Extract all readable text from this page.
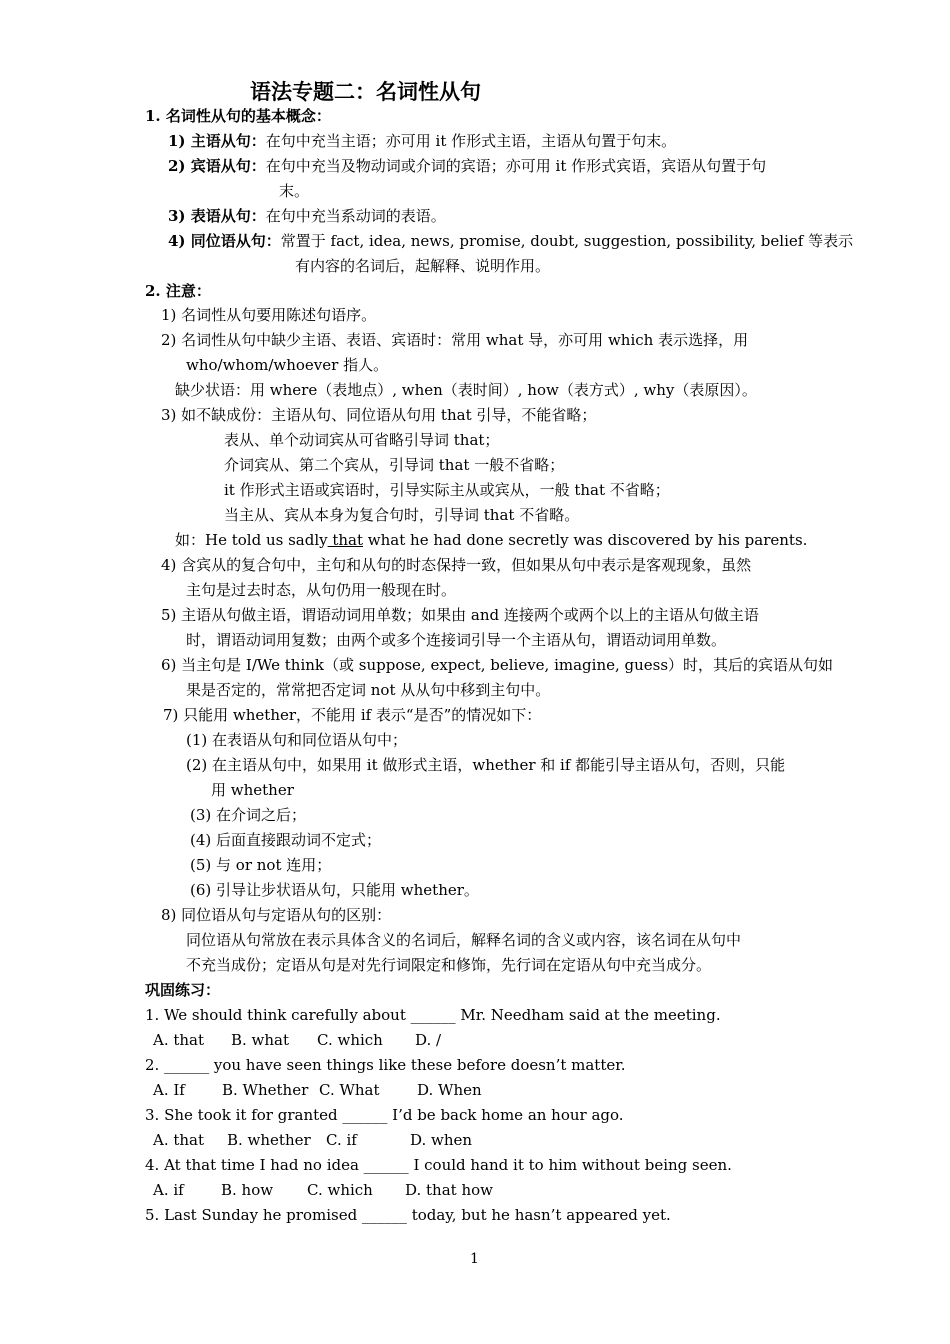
语法专题二：名词性从句
1. 名词性从句的基本概念：
1) 主语从句：在句中充当主语；亦可用 it 作形式主语，主语从句置于句末。
2) 宾语从句：在句中充当及物动词或介词的宾语；亦可用 it 作形式宾语，宾语从句置于句
末。
3) 表语从句：在句中充当系动词的表语。
4) 同位语从句：常置于 fact, idea, news, promise, doubt, suggestion, possibility, belief 等表示
有内容的名词后，起解释、说明作用。
2. 注意：
1) 名词性从句要用陈述句语序。
2) 名词性从句中缺少主语、表语、宾语时：常用 what 导，亦可用 which 表示选择，用
who/whom/whoever 指人。
缺少状语：用 where（表地点）, when（表时间）, how（表方式）, why（表原因）。
3) 如不缺成份：主语从句、同位语从句用 that 引导，不能省略；
表从、单个动词宾从可省略引导词 that；
介词宾从、第二个宾从，引导词 that 一般不省略；
it 作形式主语或宾语时，引导实际主从或宾从，一般 that 不省略；
当主从、宾从本身为复合句时，引导词 that 不省略。
如：He told us sadly that what he had done secretly was discovered by his parents.
4) 含宾从的复合句中，主句和从句的时态保持一致，但如果从句中表示是客观现象，虽然
主句是过去时态，从句仍用一般现在时。
5) 主语从句做主语，谓语动词用单数；如果由 and 连接两个或两个以上的主语从句做主语
时，谓语动词用复数；由两个或多个连接词引导一个主语从句，谓语动词用单数。
6) 当主句是 I/We think（或 suppose, expect, believe, imagine, guess）时，其后的宾语从句如
果是否定的，常常把否定词 not 从从句中移到主句中。
7) 只能用 whether，不能用 if 表示“是否”的情况如下：
(1) 在表语从句和同位语从句中；
(2) 在主语从句中，如果用 it 做形式主语，whether 和 if 都能引导主语从句，否则，只能
用 whether
(3) 在介词之后；
(4) 后面直接跟动词不定式；
(5) 与 or not 连用；
(6) 引导让步状语从句，只能用 whether。
8) 同位语从句与定语从句的区别：
同位语从句常放在表示具体含义的名词后，解释名词的含义或内容，该名词在从句中
不充当成份；定语从句是对先行词限定和修饰，先行词在定语从句中充当成分。
巩固练习：
1. We should think carefully about ______ Mr. Needham said at the meeting.
A. that B. what C. which D. /
2. ______ you have seen things like these before doesn’t matter.
A. If B. Whether C. What D. When
3. She took it for granted ______ I’d be back home an hour ago.
A. that B. whether C. if	D. when
4. At that time I had no idea ______ I could hand it to him without being seen.
A. if B. how C. which D. that how
5. Last Sunday he promised ______ today, but he hasn’t appeared yet.
1
